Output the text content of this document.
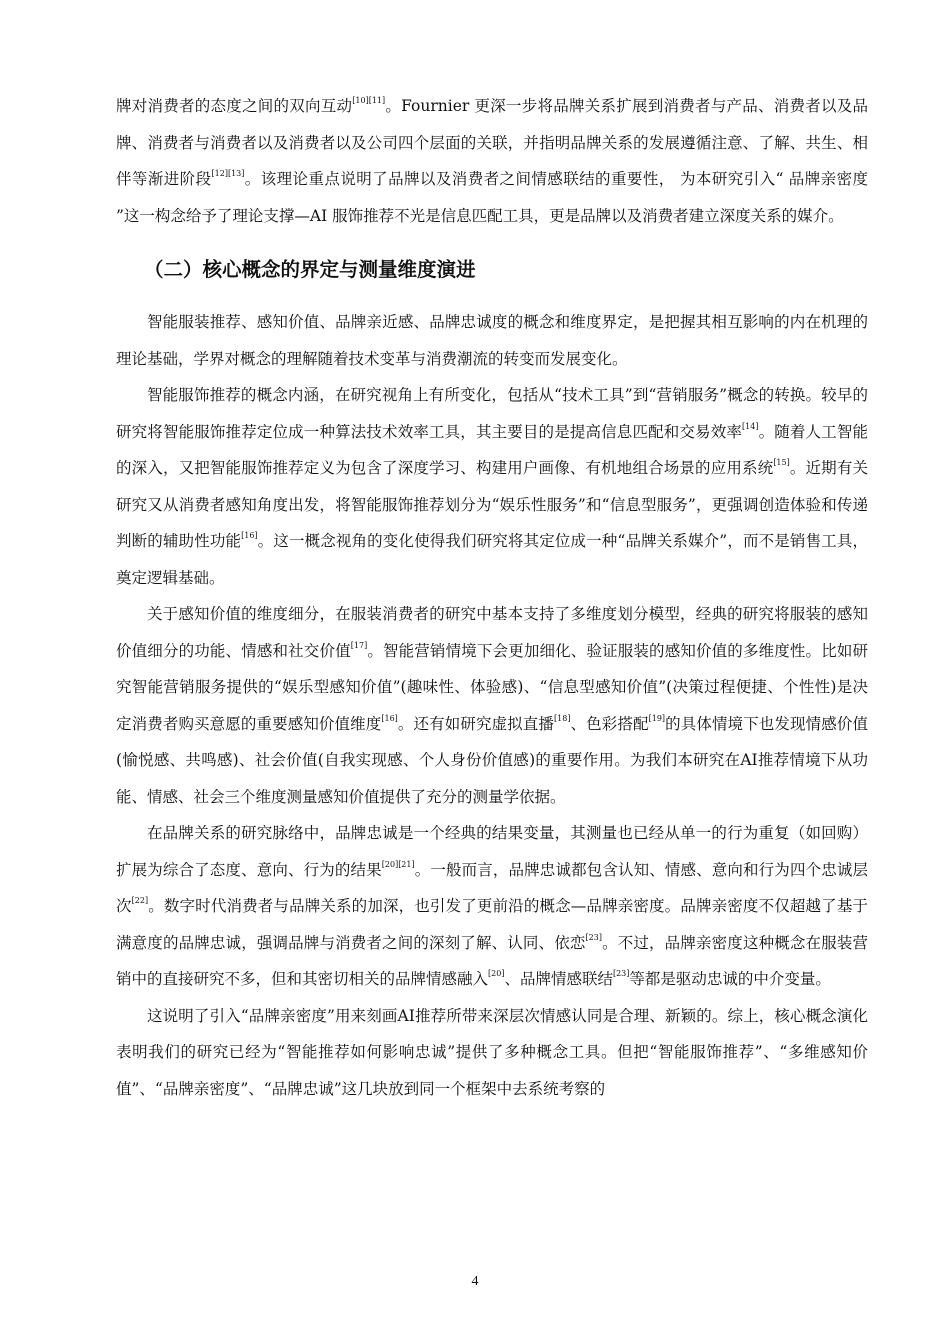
牌对消费者的态度之间的双向互动[10][11]。Fournier 更深一步将品牌关系扩展到消费者与产品、消费者以及品牌、消费者与消费者以及消费者以及公司四个层面的关联，并指明品牌关系的发展遵循注意、了解、共生、相伴等渐进阶段[12][13]。该理论重点说明了品牌以及消费者之间情感联结的重要性， 为本研究引入“ 品牌亲密度 ”这一构念给予了理论支撑—AI 服饰推荐不光是信息匹配工具，更是品牌以及消费者建立深度关系的媒介。

（二）核心概念的界定与测量维度演进

智能服装推荐、感知价值、品牌亲近感、品牌忠诚度的概念和维度界定，是把握其相互影响的内在机理的理论基础，学界对概念的理解随着技术变革与消费潮流的转变而发展变化。

智能服饰推荐的概念内涵，在研究视角上有所变化，包括从“技术工具”到“营销服务”概念的转换。较早的研究将智能服饰推荐定位成一种算法技术效率工具，其主要目的是提高信息匹配和交易效率[14]。随着人工智能的深入，又把智能服饰推荐定义为包含了深度学习、构建用户画像、有机地组合场景的应用系统[15]。近期有关研究又从消费者感知角度出发，将智能服饰推荐划分为“娱乐性服务”和“信息型服务”，更强调创造体验和传递判断的辅助性功能[16]。这一概念视角的变化使得我们研究将其定位成一种“品牌关系媒介”，而不是销售工具，奠定逻辑基础。

关于感知价值的维度细分，在服装消费者的研究中基本支持了多维度划分模型，经典的研究将服装的感知价值细分的功能、情感和社交价值[17]。智能营销情境下会更加细化、验证服装的感知价值的多维度性。比如研究智能营销服务提供的“娱乐型感知价值”(趣味性、体验感)、“信息型感知价值”(决策过程便捷、个性性)是决定消费者购买意愿的重要感知价值维度[16]。还有如研究虚拟直播[18]、色彩搭配[19]的具体情境下也发现情感价值(愉悦感、共鸣感)、社会价值(自我实现感、个人身份价值感)的重要作用。为我们本研究在AI推荐情境下从功能、情感、社会三个维度测量感知价值提供了充分的测量学依据。

在品牌关系的研究脉络中，品牌忠诚是一个经典的结果变量，其测量也已经从单一的行为重复（如回购）扩展为综合了态度、意向、行为的结果[20][21]。一般而言，品牌忠诚都包含认知、情感、意向和行为四个忠诚层次[22]。数字时代消费者与品牌关系的加深，也引发了更前沿的概念—品牌亲密度。品牌亲密度不仅超越了基于满意度的品牌忠诚，强调品牌与消费者之间的深刻了解、认同、依恋[23]。不过，品牌亲密度这种概念在服装营销中的直接研究不多，但和其密切相关的品牌情感融入[20]、品牌情感联结[23]等都是驱动忠诚的中介变量。

这说明了引入“品牌亲密度”用来刻画AI推荐所带来深层次情感认同是合理、新颖的。综上，核心概念演化表明我们的研究已经为“智能推荐如何影响忠诚”提供了多种概念工具。但把“智能服饰推荐”、“多维感知价值”、“品牌亲密度”、“品牌忠诚”这几块放到同一个框架中去系统考察的

4
